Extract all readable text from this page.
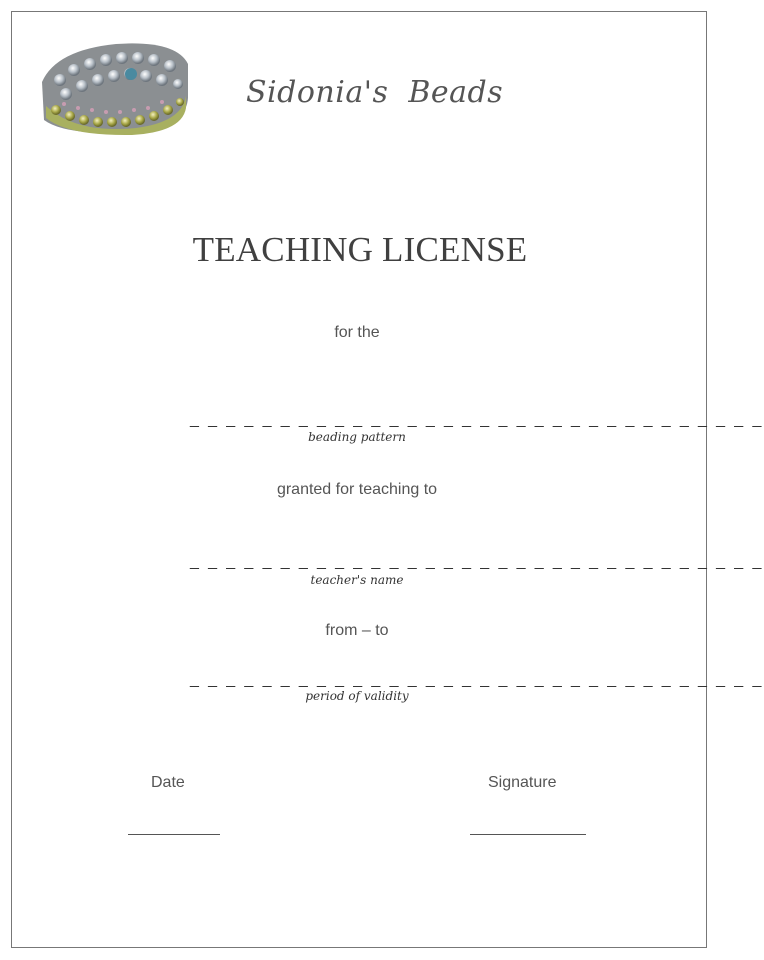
Sidonia's Beads
TEACHING LICENSE
for the
_ _ _ _ _ _ _ _ _ _ _ _ _ _ _ _ _ _ _ _ _ _ _ _ _ _ _ _ _ _ _ _
beading pattern
granted for teaching to
_ _ _ _ _ _ _ _ _ _ _ _ _ _ _ _ _ _ _ _ _ _ _ _ _ _ _ _ _ _ _ _
teacher's name
from – to
_ _ _ _ _ _ _ _ _ _ _ _ _ _ _ _ _ _ _ _ _ _ _ _ _ _ _ _ _ _ _ _
period of validity
Date	Signature
